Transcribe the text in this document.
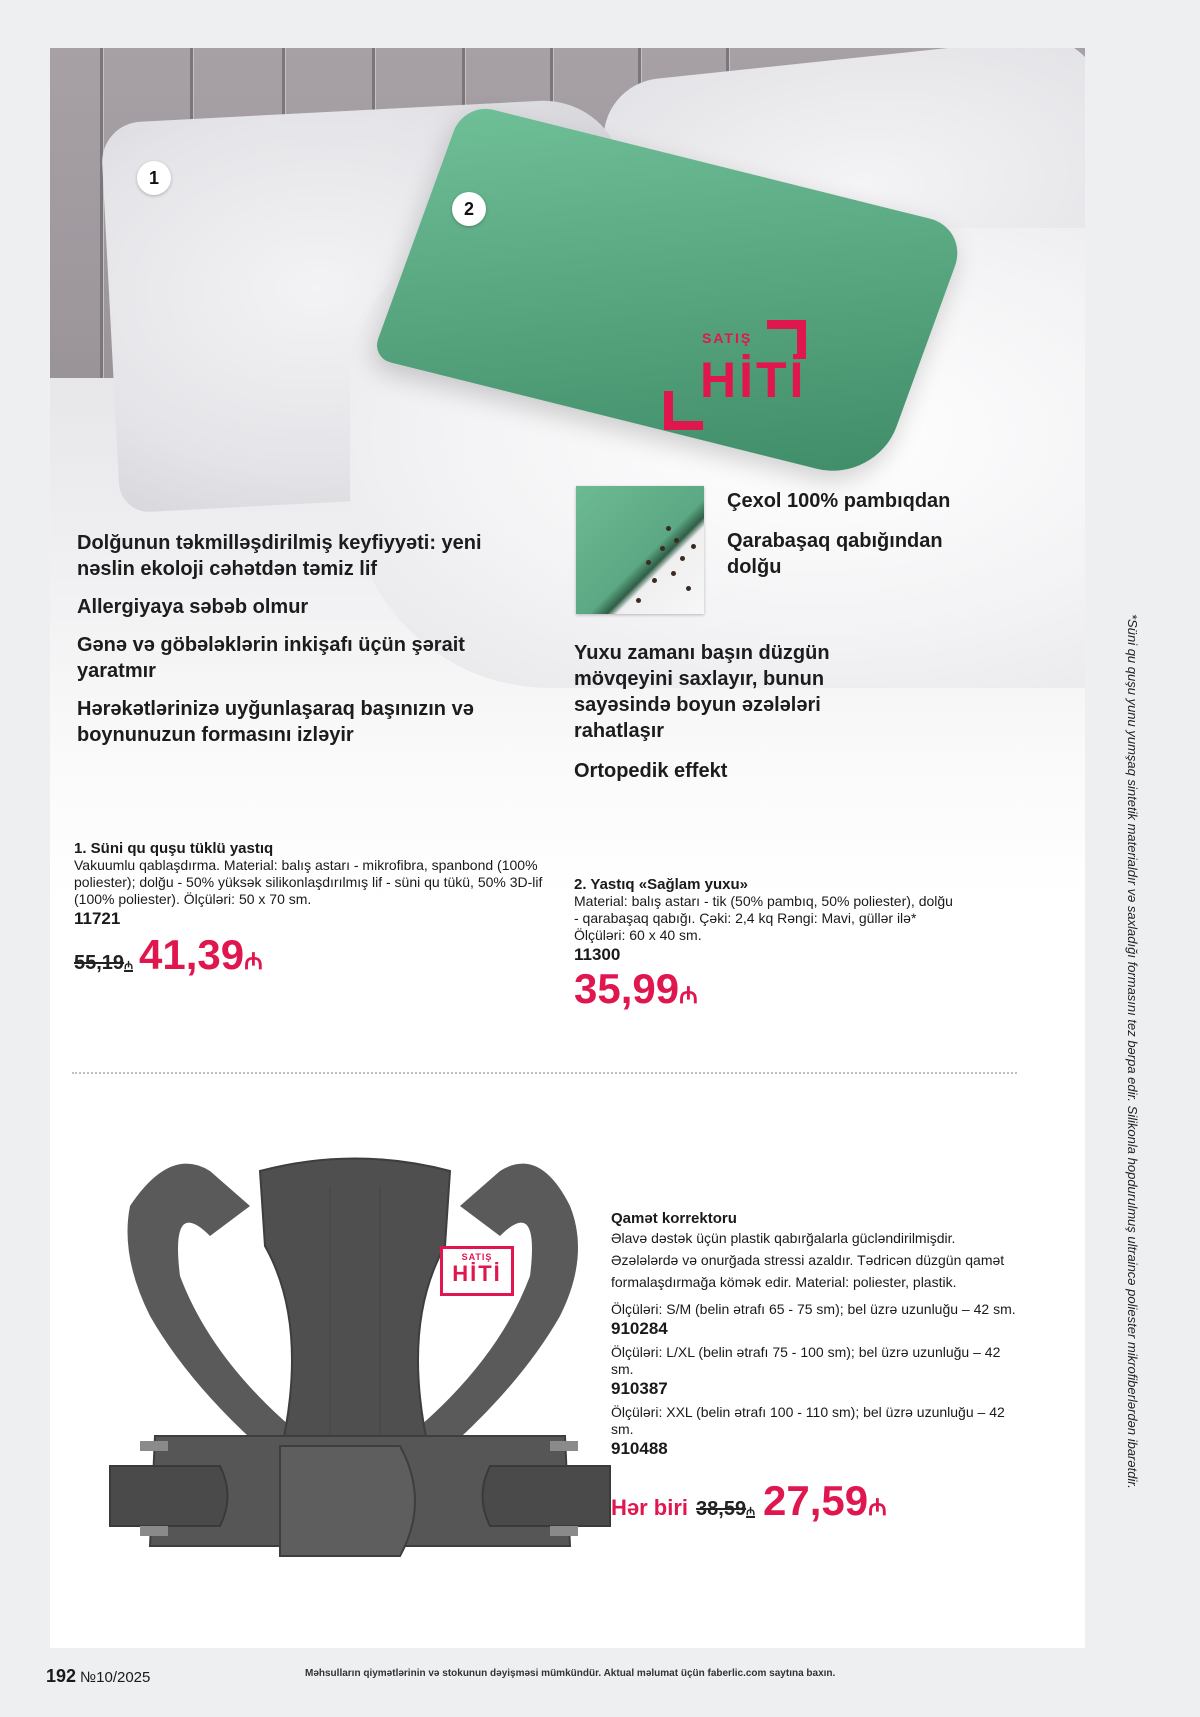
1
2
SATIŞ
HİTİ
Dolğunun təkmilləşdirilmiş keyfiyyəti: yeni nəslin ekoloji cəhətdən təmiz lif
Allergiyaya səbəb olmur
Gənə və göbələklərin inkişafı üçün şərait yaratmır
Hərəkətlərinizə uyğunlaşaraq başınızın və boynunuzun formasını izləyir
Çexol 100% pambıqdan
Qarabaşaq qabığından dolğu
Yuxu zamanı başın düzgün mövqeyini saxlayır, bunun sayəsində boyun əzələləri rahatlaşır
Ortopedik effekt
1. Süni qu quşu tüklü yastıq
Vakuumlu qablaşdırma. Material: balış astarı - mikrofibra, spanbond (100% poliester); dolğu - 50% yüksək silikonlaşdırılmış lif - süni qu tükü, 50% 3D-lif (100% poliester). Ölçüləri: 50 x 70 sm.
11721
55,19₼ 41,39₼
2. Yastıq «Sağlam yuxu»
Material: balış astarı - tik (50% pambıq, 50% poliester), dolğu - qarabaşaq qabığı. Çəki: 2,4 kq Rəngi: Mavi, güllər ilə* Ölçüləri: 60 x 40 sm.
11300
35,99₼
SATIŞ
HİTİ
Qamət korrektoru
Əlavə dəstək üçün plastik qabırğalarla gücləndirilmişdir. Əzələlərdə və onurğada stressi azaldır. Tədricən düzgün qamət formalaşdırmağa kömək edir. Material: poliester, plastik.
Ölçüləri: S/M (belin ətrafı 65 - 75 sm); bel üzrə uzunluğu – 42 sm.
910284
Ölçüləri: L/XL (belin ətrafı 75 - 100 sm); bel üzrə uzunluğu – 42 sm.
910387
Ölçüləri: XXL (belin ətrafı 100 - 110 sm); bel üzrə uzunluğu – 42 sm.
910488
Hər biri 38,59₼ 27,59₼
*Süni qu quşu yunu yumşaq sintetik materialdır və saxladığı formasını tez bərpa edir. Silikonla hopdurulmuş ultraincə poliester mikrofiberlərdən ibarətdir.
192 №10/2025	Məhsulların qiymətlərinin və stokunun dəyişməsi mümkündür. Aktual məlumat üçün faberlic.com saytına baxın.
